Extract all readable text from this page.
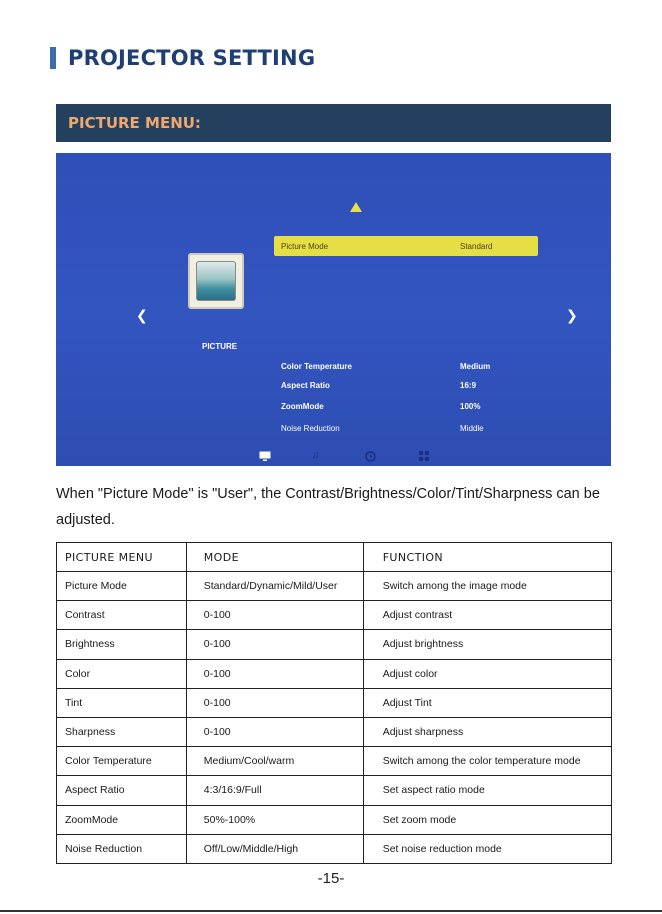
PROJECTOR SETTING
PICTURE MENU:
❮	❯
PICTURE
Picture Mode	Standard

Color Temperature	Medium
Aspect Ratio	16:9
ZoomMode	100%
Noise Reduction	Middle
♫

When "Picture Mode" is "User", the Contrast/Brightness/Color/Tint/Sharpness can be adjusted.

PICTURE MENU	MODE	FUNCTION
Picture Mode	Standard/Dynamic/Mild/User	Switch among the image mode
Contrast	0-100	Adjust contrast
Brightness	0-100	Adjust brightness
Color	0-100	Adjust color
Tint	0-100	Adjust Tint
Sharpness	0-100	Adjust sharpness
Color Temperature	Medium/Cool/warm	Switch among the color temperature mode
Aspect Ratio	4:3/16:9/Full	Set aspect ratio mode
ZoomMode	50%-100%	Set zoom mode
Noise Reduction	Off/Low/Middle/High	Set noise reduction mode
-15-
